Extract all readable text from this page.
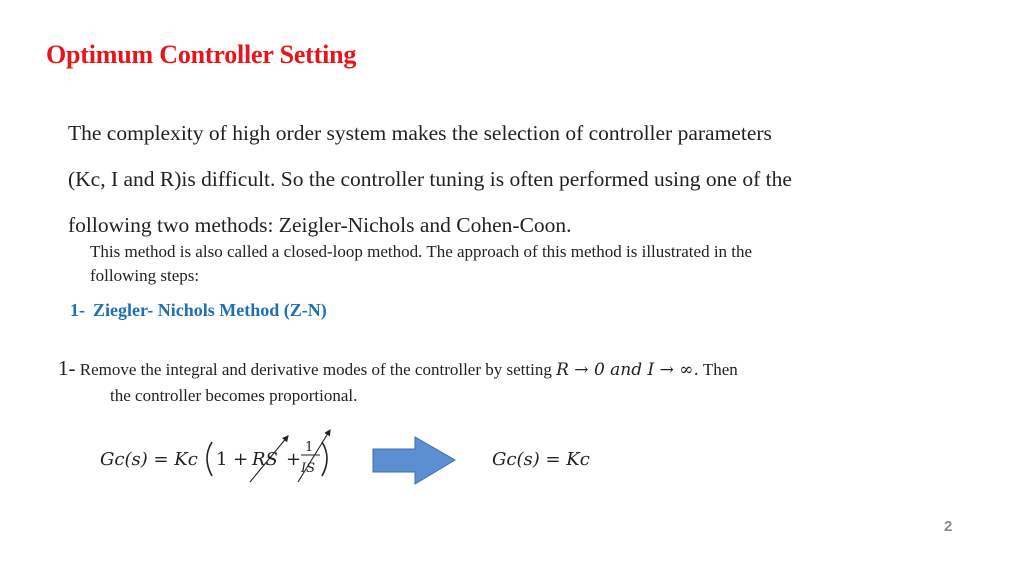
Optimum Controller Setting
The complexity of high order system makes the selection of controller parameters
(Kc, I and R)is difficult. So the controller tuning is often performed using one of the
following two methods: Zeigler-Nichols and Cohen-Coon.
This method is also called a closed-loop method. The approach of this method is illustrated in the
following steps:
1- Ziegler- Nichols Method (Z-N)
1- Remove the integral and derivative modes of the controller by setting R → 0 and I → ∞. Then
the controller becomes proportional.
Gc(s) = Kc 1 + RS +
1
IS	Gc(s) = Kc
2
